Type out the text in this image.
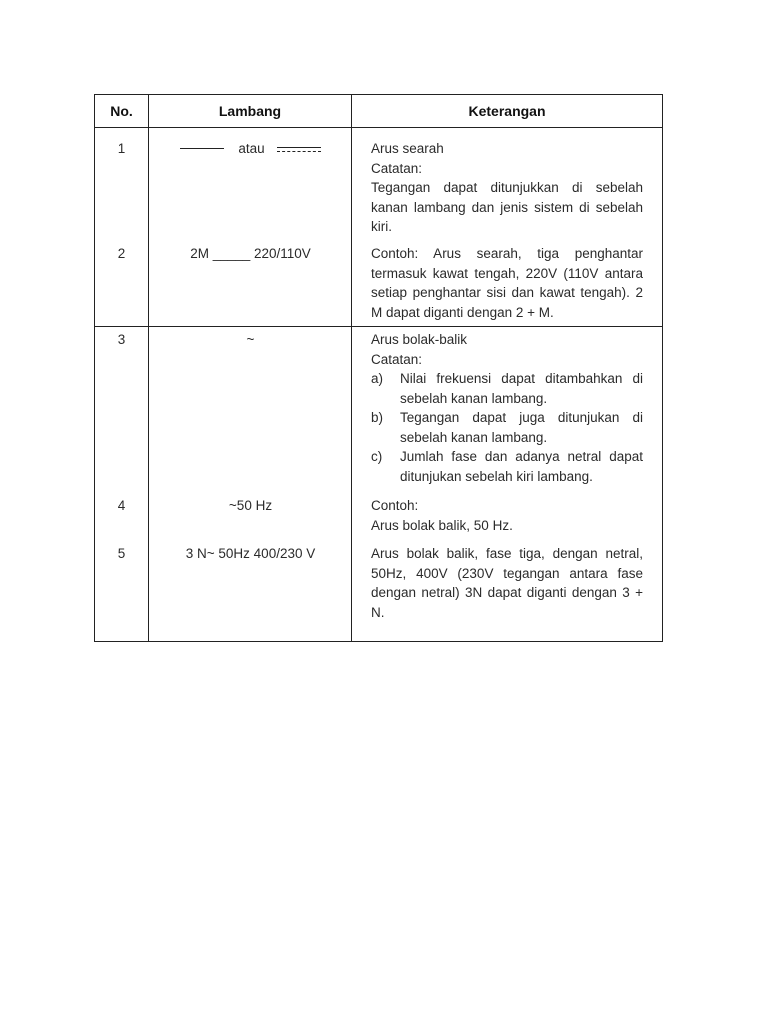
No.	Lambang	Keterangan
1	atau	Arus searah
Catatan:
Tegangan dapat ditunjukkan di sebelah kanan lambang dan jenis sistem di sebelah kiri.
2	2M _____ 220/110V	Contoh: Arus searah, tiga penghantar termasuk kawat tengah, 220V (110V antara setiap penghantar sisi dan kawat tengah). 2 M dapat diganti dengan 2 + M.
3	~	Arus bolak-balik
Catatan:
a) Nilai frekuensi dapat ditambahkan di sebelah kanan lambang.
b) Tegangan dapat juga ditunjukan di sebelah kanan lambang.
c) Jumlah fase dan adanya netral dapat ditunjukan sebelah kiri lambang.
4	~50 Hz	Contoh:
Arus bolak balik, 50 Hz.
5	3 N~ 50Hz 400/230 V	Arus bolak balik, fase tiga, dengan netral, 50Hz, 400V (230V tegangan antara fase dengan netral) 3N dapat diganti dengan 3 + N.
